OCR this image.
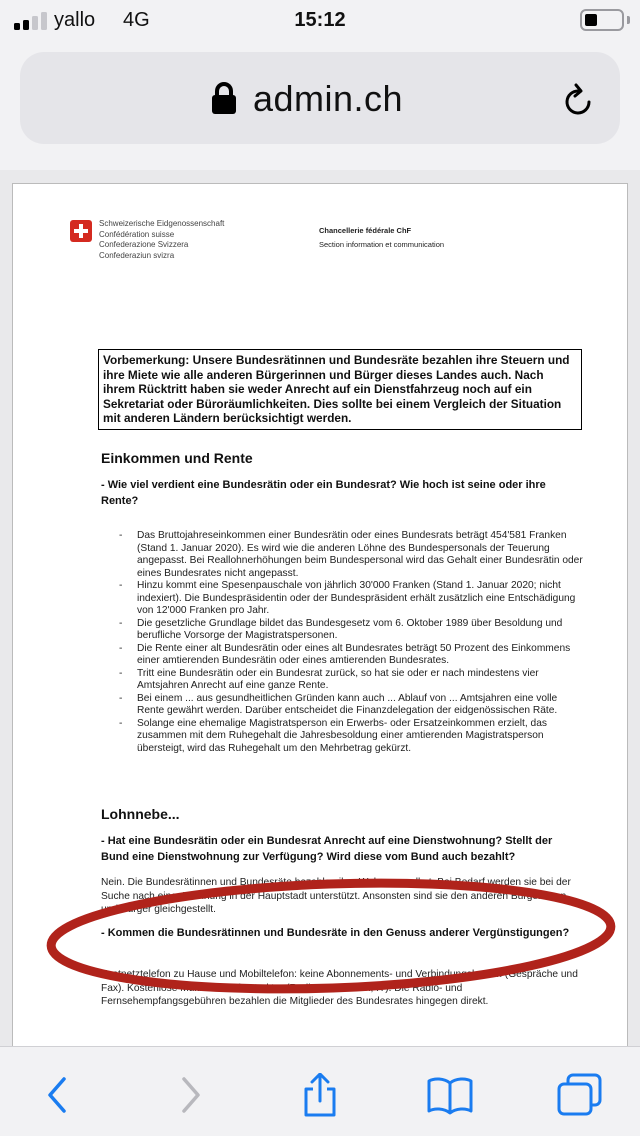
yallo 4G	15:12
admin.ch
Schweizerische Eidgenossenschaft
Confédération suisse
Confederazione Svizzera
Confederaziun svizra
Chancellerie fédérale ChF
Section information et communication
Vorbemerkung: Unsere Bundesrätinnen und Bundesräte bezahlen ihre Steuern und ihre Miete wie alle anderen Bürgerinnen und Bürger dieses Landes auch. Nach ihrem Rücktritt haben sie weder Anrecht auf ein Dienstfahrzeug noch auf ein Sekretariat oder Büroräumlichkeiten. Dies sollte bei einem Vergleich der Situation mit anderen Ländern berücksichtigt werden.
Einkommen und Rente
- Wie viel verdient eine Bundesrätin oder ein Bundesrat? Wie hoch ist seine oder ihre Rente?
- Das Bruttojahreseinkommen einer Bundesrätin oder eines Bundesrats beträgt 454'581 Franken (Stand 1. Januar 2020). Es wird wie die anderen Löhne des Bundespersonals der Teuerung angepasst. Bei Reallohnerhöhungen beim Bundespersonal wird das Gehalt einer Bundesrätin oder eines Bundesrates nicht angepasst.
- Hinzu kommt eine Spesenpauschale von jährlich 30'000 Franken (Stand 1. Januar 2020; nicht indexiert). Die Bundespräsidentin oder der Bundespräsident erhält zusätzlich eine Entschädigung von 12'000 Franken pro Jahr.
- Die gesetzliche Grundlage bildet das Bundesgesetz vom 6. Oktober 1989 über Besoldung und berufliche Vorsorge der Magistratspersonen.
- Die Rente einer alt Bundesrätin oder eines alt Bundesrates beträgt 50 Prozent des Einkommens einer amtierenden Bundesrätin oder eines amtierenden Bundesrates.
- Tritt eine Bundesrätin oder ein Bundesrat zurück, so hat sie oder er nach mindestens vier Amtsjahren Anrecht auf eine ganze Rente.
- Bei einem ... aus gesundheitlichen Gründen kann auch ... Ablauf von ... Amtsjahren eine volle Rente gewährt werden. Darüber entscheidet die Finanzdelegation der eidgenössischen Räte.
- Solange eine ehemalige Magistratsperson ein Erwerbs- oder Ersatzeinkommen erzielt, das zusammen mit dem Ruhegehalt die Jahresbesoldung einer amtierenden Magistratsperson übersteigt, wird das Ruhegehalt um den Mehrbetrag gekürzt.
Lohnnebe...
- Hat eine Bundesrätin oder ein Bundesrat Anrecht auf eine Dienstwohnung? Stellt der Bund eine Dienstwohnung zur Verfügung? Wird diese vom Bund auch bezahlt?
Nein. Die Bundesrätinnen und Bundesräte bezahlen ihre Wohnung selbst. Bei Bedarf werden sie bei der Suche nach einer Wohnung in der Hauptstadt unterstützt. Ansonsten sind sie den anderen Bürgerinnen und Bürger gleichgestellt.
- Kommen die Bundesrätinnen und Bundesräte in den Genuss anderer Vergünstigungen?
Festnetztelefon zu Hause und Mobiltelefon: keine Abonnements- und Verbindungskosten (Gespräche und Fax). Kostenlose Multimediainfrastruktur (Radio, Fernsehen, IT). Die Radio- und Fernsehempfangsgebühren bezahlen die Mitglieder des Bundesrates hingegen direkt.
